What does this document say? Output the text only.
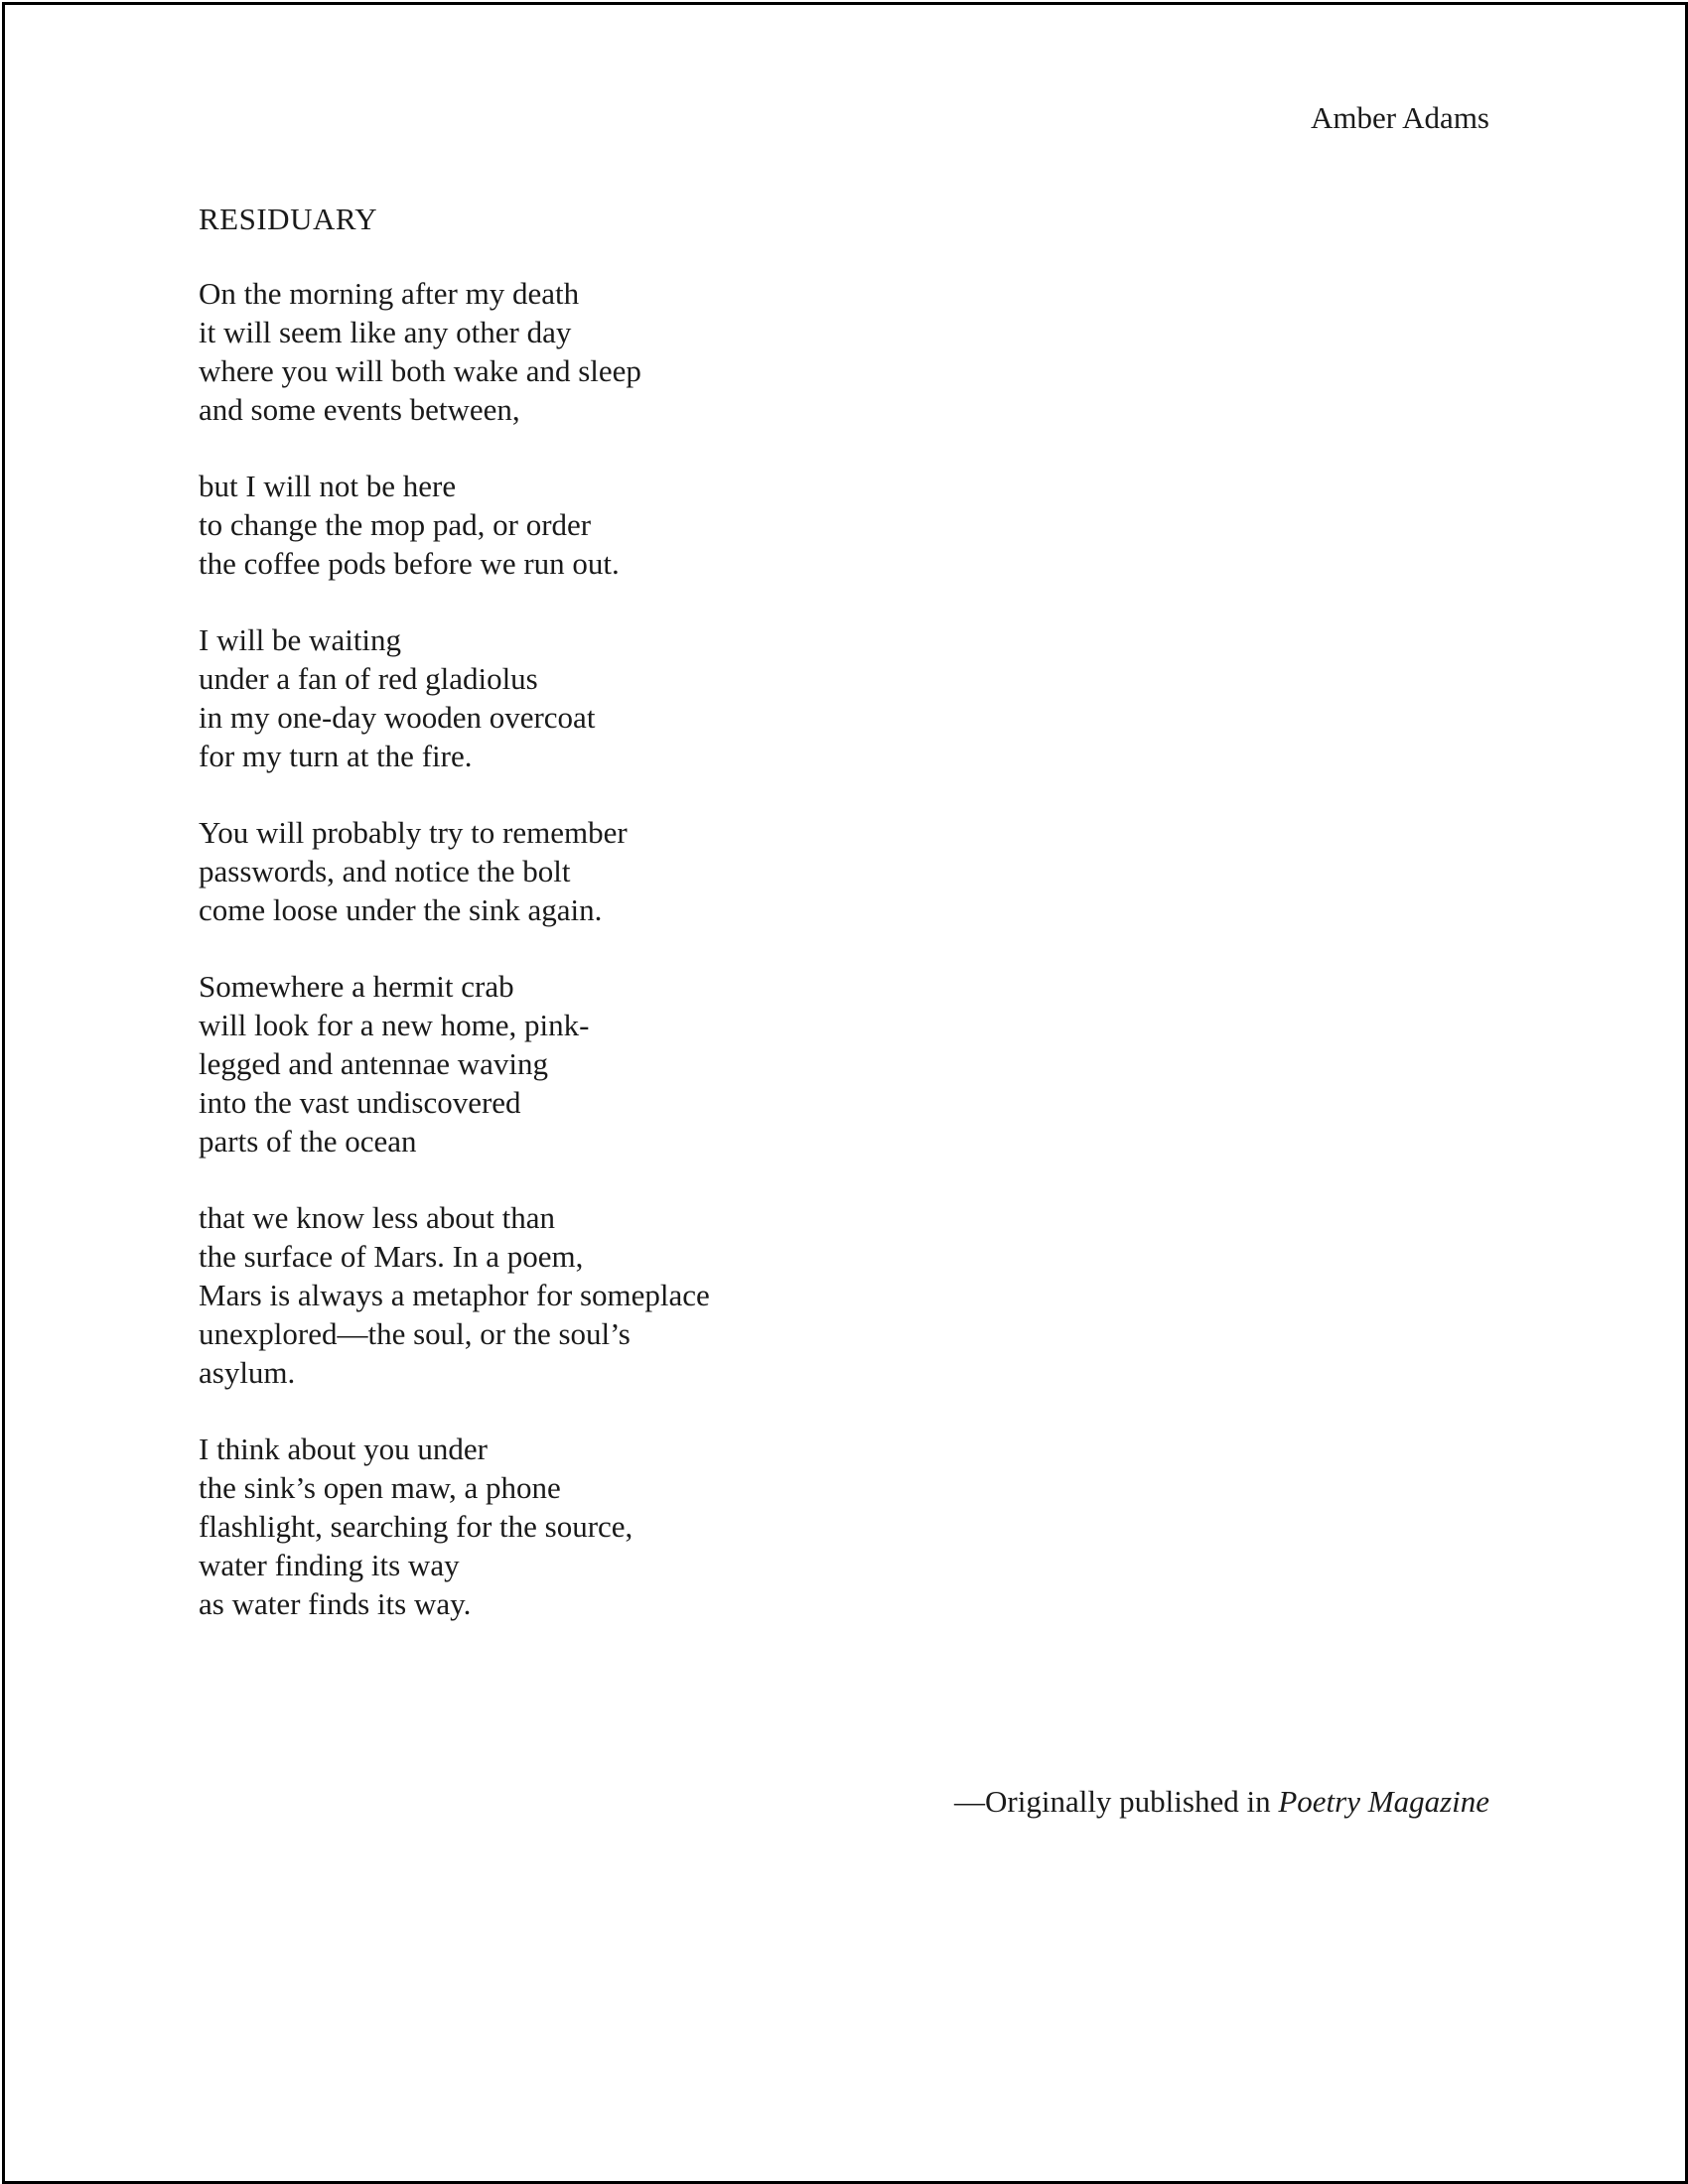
Amber Adams
RESIDUARY
On the morning after my death
it will seem like any other day
where you will both wake and sleep
and some events between,
but I will not be here
to change the mop pad, or order
the coffee pods before we run out.
I will be waiting
under a fan of red gladiolus
in my one-day wooden overcoat
for my turn at the fire.
You will probably try to remember
passwords, and notice the bolt
come loose under the sink again.
Somewhere a hermit crab
will look for a new home, pink-
legged and antennae waving
into the vast undiscovered
parts of the ocean
that we know less about than
the surface of Mars. In a poem,
Mars is always a metaphor for someplace
unexplored—the soul, or the soul’s
asylum.
I think about you under
the sink’s open maw, a phone
flashlight, searching for the source,
water finding its way
as water finds its way.
—Originally published in Poetry Magazine
